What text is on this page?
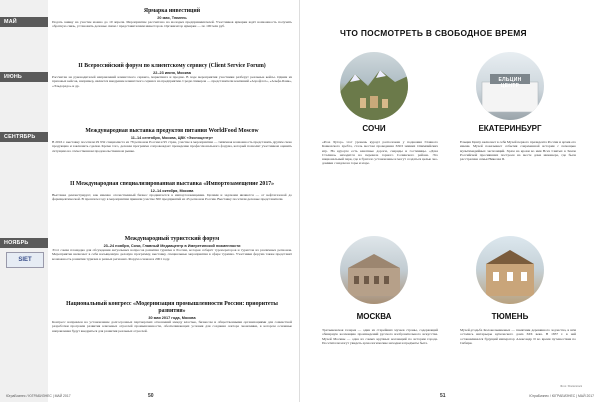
МАЙ
ИЮНЬ
СЕНТЯБРЬ
НОЯБРЬ
SIET

Ярмарка инвестиций

20 мая, Тюмень

Подать заявку на участие можно до 10 апреля. Мероприятие рассчитано на молодых предпринимателей. Участников ярмарки ждёт возможность получить обратную связь, установить деловые связи с представителями инвесторов. Организатор ярмарки — по 100 млн руб.

II Всероссийский форум по клиентскому сервису (Client Service Forum)

22–23 июня, Москва

Рассчитан на руководителей направлений клиентского сервиса, маркетинга и продаж. В ходе мероприятия участники разберут реальные кейсы. Одним из призовых кейсов, например, является внедрение клиентского сервиса на предприятии. Среди спикеров — представители компаний «Аэрофлот», «Альфа-Банк», «Эльдорадо» и др.

Международная выставка продуктов питания WorldFood Moscow

11–14 сентября, Москва, ЦВК «Экспоцентр»

В 2016 г. выставку посетили 29 932 специалиста из 78 регионов России и 95 стран, участие в мероприятии — типичная возможность представить другим свою продукцию и заключить сделки. Кроме того, деловая программа сопровождает проведение профессионального форума, который позволит участникам оценить ситуацию на отечественном продовольственном рынке.

II Международная специализированная выставка «Импортозамещение 2017»

12–14 октября, Москва

Выставка демонстрирует, как именно отечественный бизнес продвигается в импортозамещении. Целями и задачами являются — от нефтегазовой до фармацевтической. В прошлом году в мероприятии приняли участие 300 предприятий из 45 регионов России. Выставку посетили деловые представители.

Международный туристский форум

23–24 ноября, Сочи, Главный Медиацентр в Имеретинской низменности

Этот самая площадка для обсуждения актуальных вопросов развития туризма в России, которая соберёт туроператоров и туристов из различных регионов. Мероприятие включает в себя насыщенную деловую программу, выставку, специальные мероприятия в сфере туризма. Участники форума также представят возможность развития туризма в разных регионах. Форум основан в 2001 году.

Национальный конгресс «Модернизация промышленности России: приоритеты развития»

30 мая 2017 года, Москва

Конгресс направлен на установление долгосрочных партнерских отношений между властью, бизнесом и общественными организациями для совместной разработки программ развития ключевых отраслей промышленности, обеспечивающих условия для создания сектора экономики, в котором основные направления будут внедряться для развития реальных отраслей.

ЮграБизнес / ЮГРАБИЗНЕС | МАЙ 2017	50
ЧТО ПОСМОТРЕТЬ В СВОБОДНОЕ ВРЕМЯ
СОЧИ
«Роза Хутор» этот уровень курорт расположен у подножия Главного Кавказского хребта, сталь местом проведения XXII зимних Олимпийских игр. На курорте есть канатные дороги, снаряды и гостиницы. «Дача Сталина» находится на перевале горного Сочинского района. Это национальный парк, где в бунгало установлены и могут создаться целые эко-домики с видом на горы и море.
ЕЛЬЦИН ЦЕНТР
ЕКАТЕРИНБУРГ
Ельцин Центр включает в себя Музей первого президента России и архив его имени. Музей показывает события современной истории с помощью мультимедийных экспозиций. Храм на крови во имя Всех Святых в Земле Российской просиявших построен на месте дома инженера, где была расстреляна семья Николая II.
МОСКВА
Третьяковская галерея — один из старейших музеев страны, содержащий обширную коллекцию произведений русского изобразительного искусства. Музей Москвы — одна из самых крупных коллекций по истории города. Посетители могут увидеть археологические находки и предметы быта.
ТЮМЕНЬ
Музей-усадьба Колокольниковых — памятник деревянного зодчества, в нём остались интерьеры купеческого дома XIX века. В 1837 г. в ней останавливался будущий император Александр II во время путешествия по Сибири.
Фото: Shutterstock
51	ЮграБизнес / ЮГРАБИЗНЕС | МАЙ 2017
